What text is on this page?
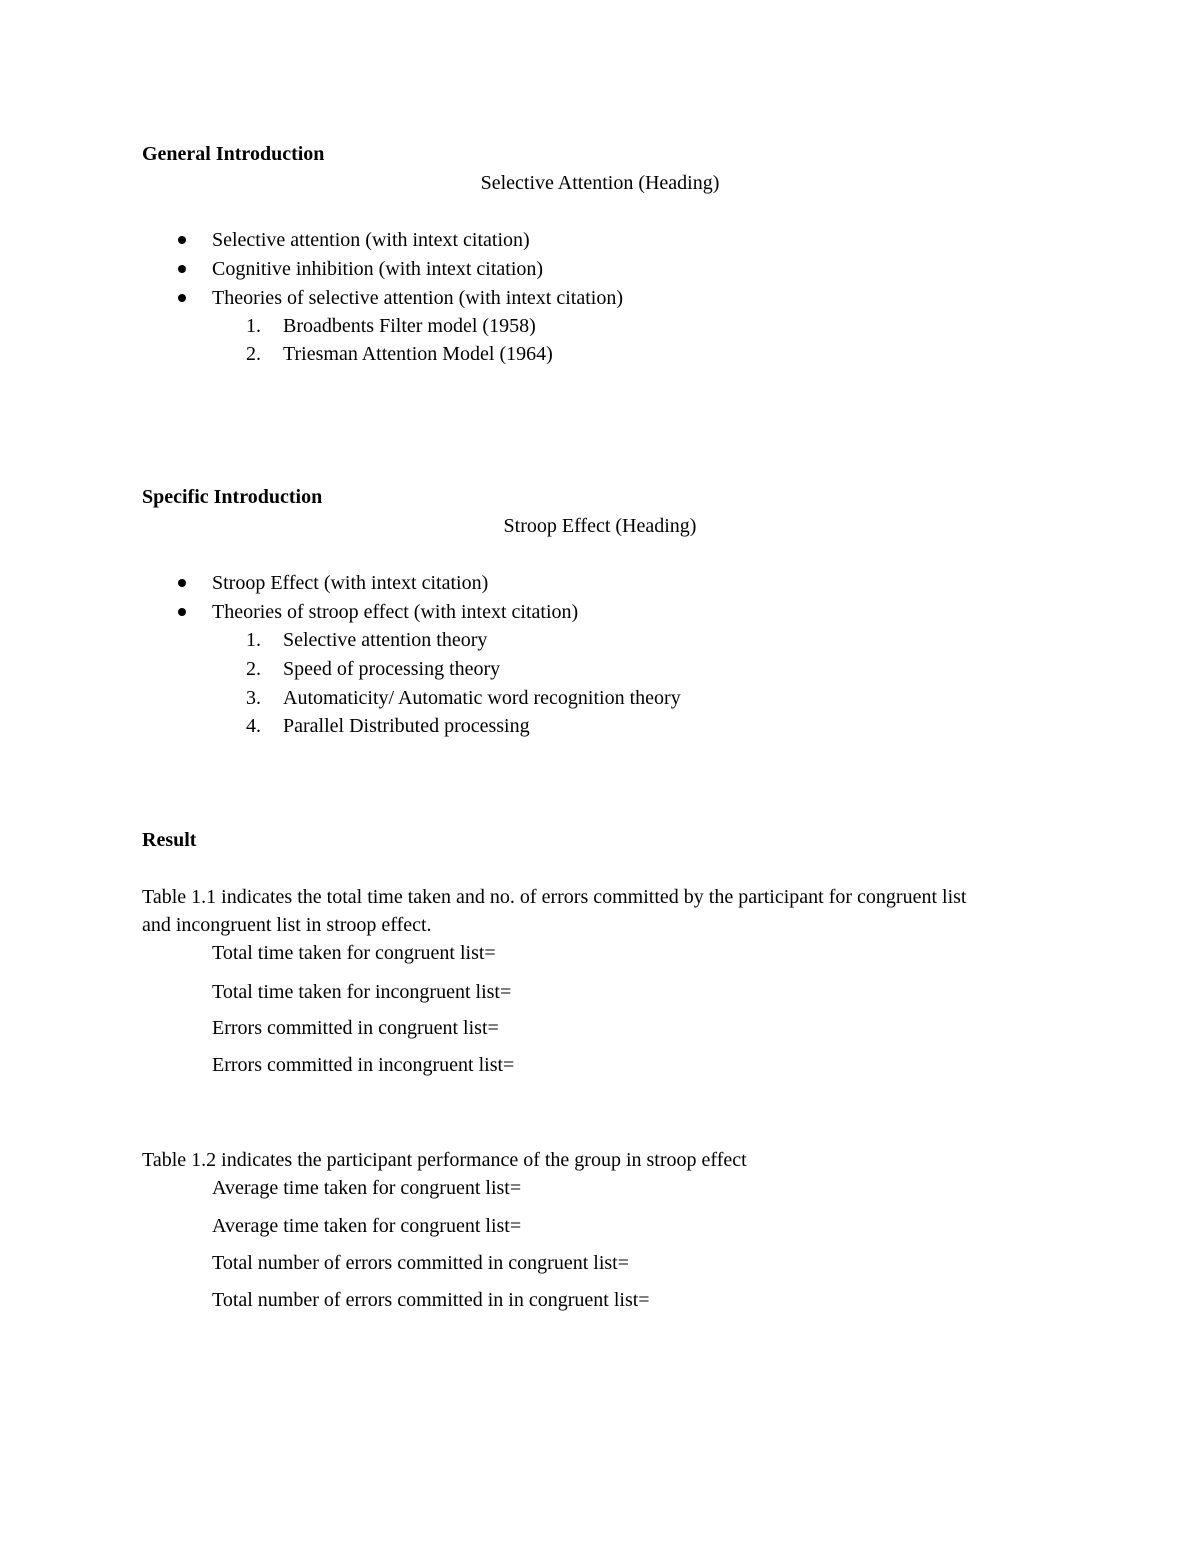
General Introduction
Selective Attention (Heading)
Selective attention (with intext citation)
Cognitive inhibition (with intext citation)
Theories of selective attention (with intext citation)
1. Broadbents Filter model (1958)
2. Triesman Attention Model (1964)
Specific Introduction
Stroop Effect (Heading)
Stroop Effect (with intext citation)
Theories of stroop effect (with intext citation)
1. Selective attention theory
2. Speed of processing theory
3. Automaticity/ Automatic word recognition theory
4. Parallel Distributed processing
Result
Table 1.1 indicates the total time taken and no. of errors committed by the participant for congruent list
and incongruent list in stroop effect.
Total time taken for congruent list=
Total time taken for incongruent list=
Errors committed in congruent list=
Errors committed in incongruent list=
Table 1.2 indicates the participant performance of the group in stroop effect
Average time taken for congruent list=
Average time taken for congruent list=
Total number of errors committed in congruent list=
Total number of errors committed in in congruent list=
